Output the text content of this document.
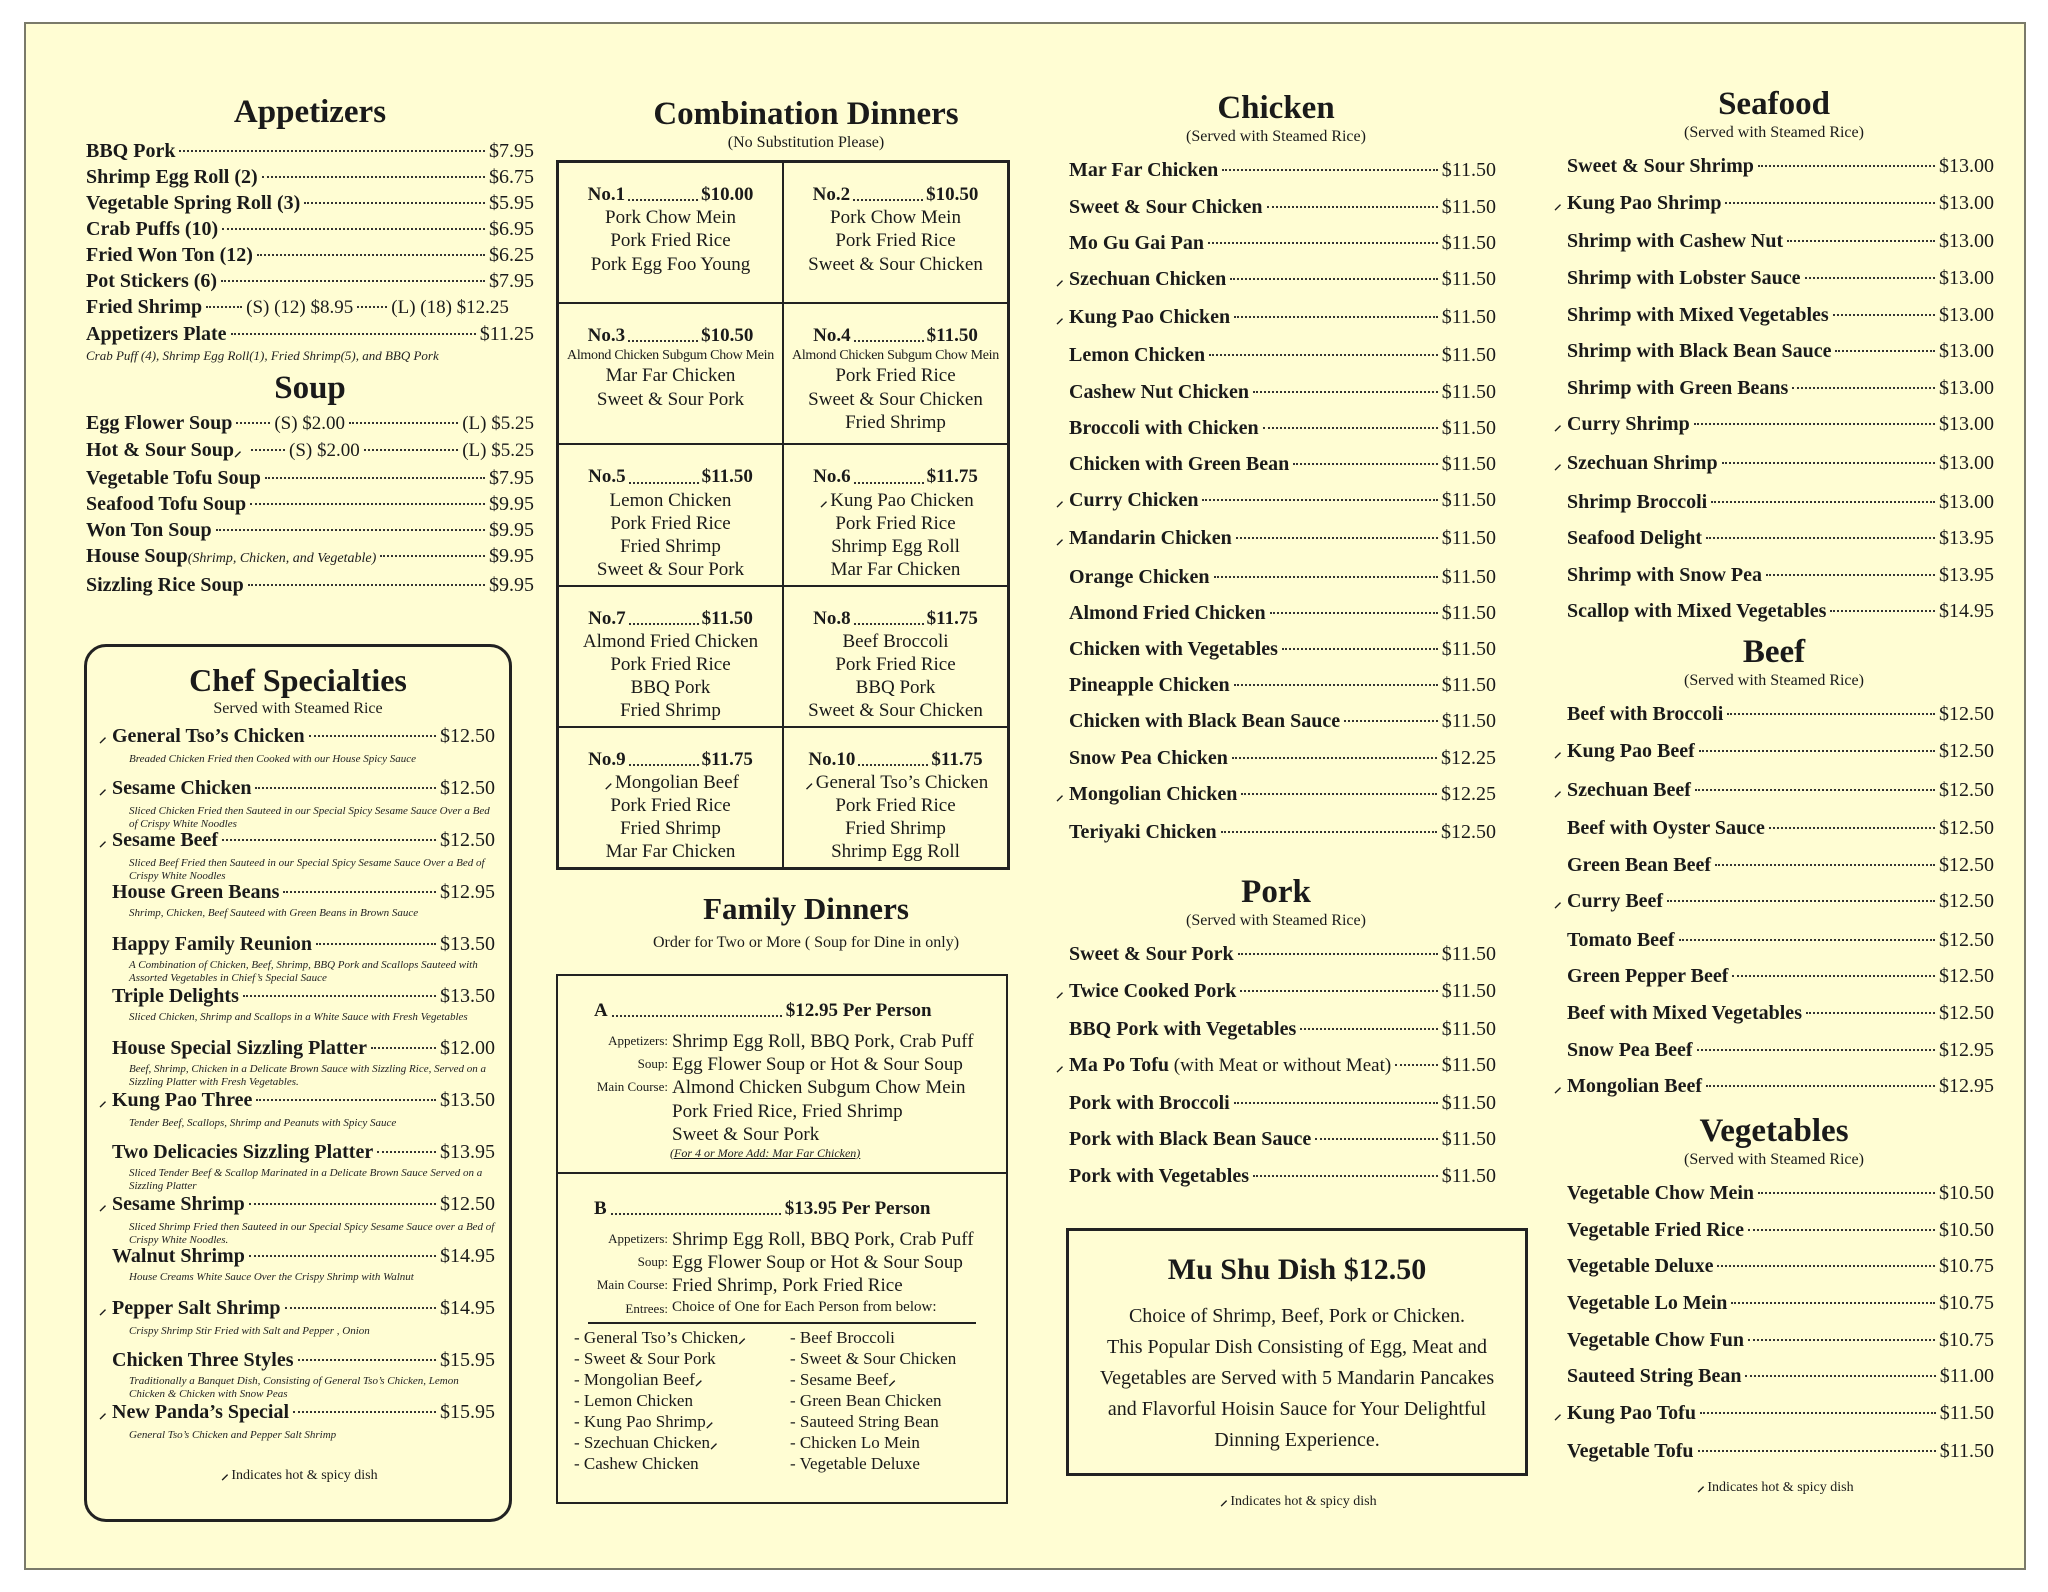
Appetizers
BBQ Pork	$7.95
Shrimp Egg Roll (2)	$6.75
Vegetable Spring Roll (3)	$5.95
Crab Puffs (10)	$6.95
Fried Won Ton (12)	$6.25
Pot Stickers (6)	$7.95
Fried Shrimp (S) (12) $8.95 (L) (18) $12.25
Appetizers Plate	$11.25
Crab Puff (4), Shrimp Egg Roll(1), Fried Shrimp(5), and BBQ Pork
Soup
Egg Flower Soup (S) $2.00	(L) $5.25
Hot & Sour Soup⸝ (S) $2.00	(L) $5.25
Vegetable Tofu Soup	$7.95
Seafood Tofu Soup	$9.95
Won Ton Soup	$9.95
House Soup(Shrimp, Chicken, and Vegetable)	$9.95
Sizzling Rice Soup	$9.95
Chef Specialties
Served with Steamed Rice
⸝ General Tso’s Chicken	$12.50
Breaded Chicken Fried then Cooked with our House Spicy Sauce
⸝ Sesame Chicken	$12.50
Sliced Chicken Fried then Sauteed in our Special Spicy Sesame Sauce Over a Bed of Crispy White Noodles
⸝ Sesame Beef	$12.50
Sliced Beef Fried then Sauteed in our Special Spicy Sesame Sauce Over a Bed of Crispy White Noodles
House Green Beans	$12.95
Shrimp, Chicken, Beef Sauteed with Green Beans in Brown Sauce
Happy Family Reunion	$13.50
A Combination of Chicken, Beef, Shrimp, BBQ Pork and Scallops Sauteed with Assorted Vegetables in Chief’s Special Sauce
Triple Delights	$13.50
Sliced Chicken, Shrimp and Scallops in a White Sauce with Fresh Vegetables
House Special Sizzling Platter	$12.00
Beef, Shrimp, Chicken in a Delicate Brown Sauce with Sizzling Rice, Served on a Sizzling Platter with Fresh Vegetables.
⸝ Kung Pao Three	$13.50
Tender Beef, Scallops, Shrimp and Peanuts with Spicy Sauce
Two Delicacies Sizzling Platter	$13.95
Sliced Tender Beef & Scallop Marinated in a Delicate Brown Sauce Served on a Sizzling Platter
⸝ Sesame Shrimp	$12.50
Sliced Shrimp Fried then Sauteed in our Special Spicy Sesame Sauce over a Bed of Crispy White Noodles.
Walnut Shrimp	$14.95
House Creams White Sauce Over the Crispy Shrimp with Walnut
⸝ Pepper Salt Shrimp	$14.95
Crispy Shrimp Stir Fried with Salt and Pepper , Onion
Chicken Three Styles	$15.95
Traditionally a Banquet Dish, Consisting of General Tso’s Chicken, Lemon Chicken & Chicken with Snow Peas
⸝ New Panda’s Special	$15.95
General Tso’s Chicken and Pepper Salt Shrimp
⸝ Indicates hot & spicy dish
Combination Dinners
(No Substitution Please)
No.1	$10.00
Pork Chow Mein
Pork Fried Rice
Pork Egg Foo Young
No.2	$10.50
Pork Chow Mein
Pork Fried Rice
Sweet & Sour Chicken
No.3	$10.50
Almond Chicken Subgum Chow Mein
Mar Far Chicken
Sweet & Sour Pork
No.4	$11.50
Almond Chicken Subgum Chow Mein
Pork Fried Rice
Sweet & Sour Chicken
Fried Shrimp
No.5	$11.50
Lemon Chicken
Pork Fried Rice
Fried Shrimp
Sweet & Sour Pork
No.6	$11.75
⸝ Kung Pao Chicken
Pork Fried Rice
Shrimp Egg Roll
Mar Far Chicken
No.7	$11.50
Almond Fried Chicken
Pork Fried Rice
BBQ Pork
Fried Shrimp
No.8	$11.75
Beef Broccoli
Pork Fried Rice
BBQ Pork
Sweet & Sour Chicken
No.9	$11.75
⸝ Mongolian Beef
Pork Fried Rice
Fried Shrimp
Mar Far Chicken
No.10	$11.75
⸝ General Tso’s Chicken
Pork Fried Rice
Fried Shrimp
Shrimp Egg Roll
Family Dinners
Order for Two or More ( Soup for Dine in only)
A	$12.95 Per Person
Appetizers: Shrimp Egg Roll, BBQ Pork, Crab Puff
Soup: Egg Flower Soup or Hot & Sour Soup
Main Course: Almond Chicken Subgum Chow Mein
Pork Fried Rice, Fried Shrimp
Sweet & Sour Pork
(For 4 or More Add: Mar Far Chicken)
B	$13.95 Per Person
Appetizers: Shrimp Egg Roll, BBQ Pork, Crab Puff
Soup: Egg Flower Soup or Hot & Sour Soup
Main Course: Fried Shrimp, Pork Fried Rice
Entrees: Choice of One for Each Person from below:
- General Tso’s Chicken⸝
- Sweet & Sour Pork
- Mongolian Beef⸝
- Lemon Chicken
- Kung Pao Shrimp⸝
- Szechuan Chicken⸝
- Cashew Chicken
- Beef Broccoli
- Sweet & Sour Chicken
- Sesame Beef⸝
- Green Bean Chicken
- Sauteed String Bean
- Chicken Lo Mein
- Vegetable Deluxe
Chicken
(Served with Steamed Rice)
Mar Far Chicken	$11.50
Sweet & Sour Chicken	$11.50
Mo Gu Gai Pan	$11.50
⸝ Szechuan Chicken	$11.50
⸝ Kung Pao Chicken	$11.50
Lemon Chicken	$11.50
Cashew Nut Chicken	$11.50
Broccoli with Chicken	$11.50
Chicken with Green Bean	$11.50
⸝ Curry Chicken	$11.50
⸝ Mandarin Chicken	$11.50
Orange Chicken	$11.50
Almond Fried Chicken	$11.50
Chicken with Vegetables	$11.50
Pineapple Chicken	$11.50
Chicken with Black Bean Sauce	$11.50
Snow Pea Chicken	$12.25
⸝ Mongolian Chicken	$12.25
Teriyaki Chicken	$12.50
Pork
(Served with Steamed Rice)
Sweet & Sour Pork	$11.50
⸝ Twice Cooked Pork	$11.50
BBQ Pork with Vegetables	$11.50
⸝ Ma Po Tofu (with Meat or without Meat)	$11.50
Pork with Broccoli	$11.50
Pork with Black Bean Sauce	$11.50
Pork with Vegetables	$11.50
Mu Shu Dish $12.50
Choice of Shrimp, Beef, Pork or Chicken.
This Popular Dish Consisting of Egg, Meat and
Vegetables are Served with 5 Mandarin Pancakes
and Flavorful Hoisin Sauce for Your Delightful
Dinning Experience.
⸝ Indicates hot & spicy dish
Seafood
(Served with Steamed Rice)
Sweet & Sour Shrimp	$13.00
⸝ Kung Pao Shrimp	$13.00
Shrimp with Cashew Nut	$13.00
Shrimp with Lobster Sauce	$13.00
Shrimp with Mixed Vegetables	$13.00
Shrimp with Black Bean Sauce	$13.00
Shrimp with Green Beans	$13.00
⸝ Curry Shrimp	$13.00
⸝ Szechuan Shrimp	$13.00
Shrimp Broccoli	$13.00
Seafood Delight	$13.95
Shrimp with Snow Pea	$13.95
Scallop with Mixed Vegetables	$14.95
Beef
(Served with Steamed Rice)
Beef with Broccoli	$12.50
⸝ Kung Pao Beef	$12.50
⸝ Szechuan Beef	$12.50
Beef with Oyster Sauce	$12.50
Green Bean Beef	$12.50
⸝ Curry Beef	$12.50
Tomato Beef	$12.50
Green Pepper Beef	$12.50
Beef with Mixed Vegetables	$12.50
Snow Pea Beef	$12.95
⸝ Mongolian Beef	$12.95
Vegetables
(Served with Steamed Rice)
Vegetable Chow Mein	$10.50
Vegetable Fried Rice	$10.50
Vegetable Deluxe	$10.75
Vegetable Lo Mein	$10.75
Vegetable Chow Fun	$10.75
Sauteed String Bean	$11.00
⸝ Kung Pao Tofu	$11.50
Vegetable Tofu	$11.50
⸝ Indicates hot & spicy dish
